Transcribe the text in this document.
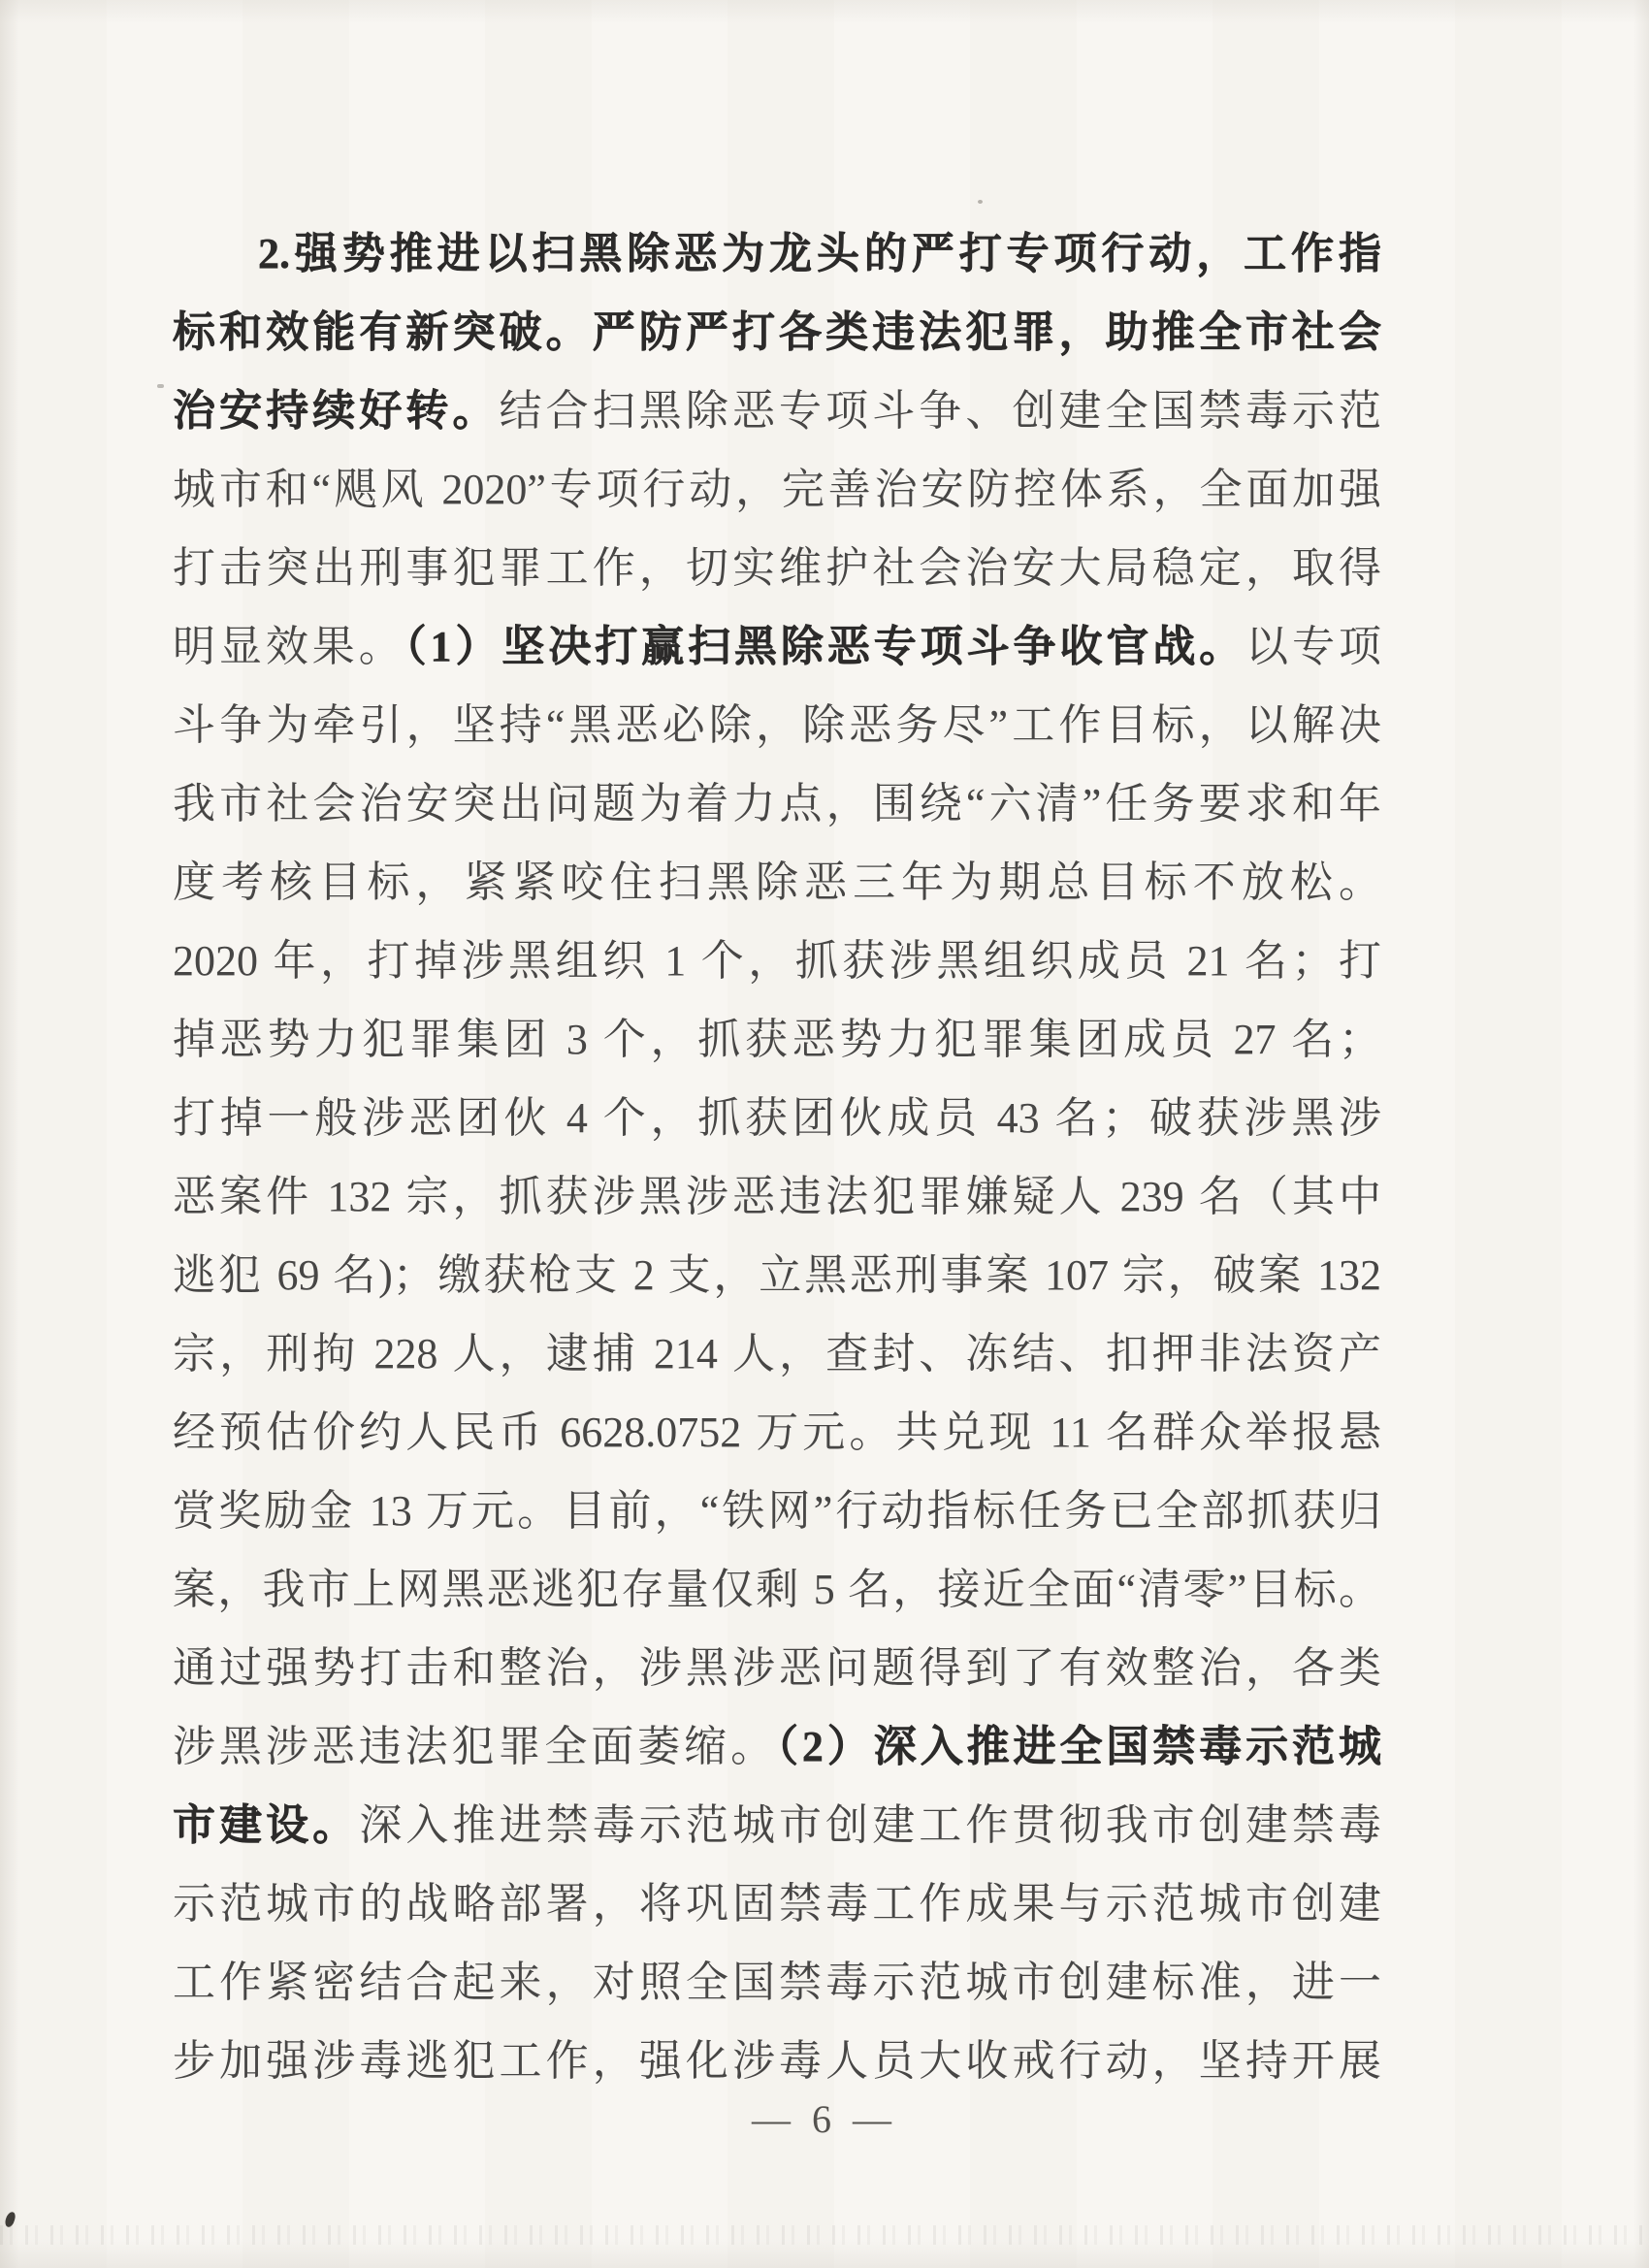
2.强势推进以扫黑除恶为龙头的严打专项行动，工作指
标和效能有新突破。严防严打各类违法犯罪，助推全市社会
治安持续好转。结合扫黑除恶专项斗争、创建全国禁毒示范
城市和“飓风 2020”专项行动，完善治安防控体系，全面加强
打击突出刑事犯罪工作，切实维护社会治安大局稳定，取得
明显效果。（1）坚决打赢扫黑除恶专项斗争收官战。以专项
斗争为牵引，坚持“黑恶必除，除恶务尽”工作目标，以解决
我市社会治安突出问题为着力点，围绕“六清”任务要求和年
度考核目标，紧紧咬住扫黑除恶三年为期总目标不放松。
2020 年，打掉涉黑组织 1 个，抓获涉黑组织成员 21 名；打
掉恶势力犯罪集团 3 个，抓获恶势力犯罪集团成员 27 名；
打掉一般涉恶团伙 4 个，抓获团伙成员 43 名；破获涉黑涉
恶案件 132 宗，抓获涉黑涉恶违法犯罪嫌疑人 239 名（其中
逃犯 69 名)；缴获枪支 2 支，立黑恶刑事案 107 宗，破案 132
宗，刑拘 228 人，逮捕 214 人，查封、冻结、扣押非法资产
经预估价约人民币 6628.0752 万元。共兑现 11 名群众举报悬
赏奖励金 13 万元。目前，“铁网”行动指标任务已全部抓获归
案，我市上网黑恶逃犯存量仅剩 5 名，接近全面“清零”目标。
通过强势打击和整治，涉黑涉恶问题得到了有效整治，各类
涉黑涉恶违法犯罪全面萎缩。（2）深入推进全国禁毒示范城
市建设。深入推进禁毒示范城市创建工作贯彻我市创建禁毒
示范城市的战略部署，将巩固禁毒工作成果与示范城市创建
工作紧密结合起来，对照全国禁毒示范城市创建标准，进一
步加强涉毒逃犯工作，强化涉毒人员大收戒行动，坚持开展
— 6 —
